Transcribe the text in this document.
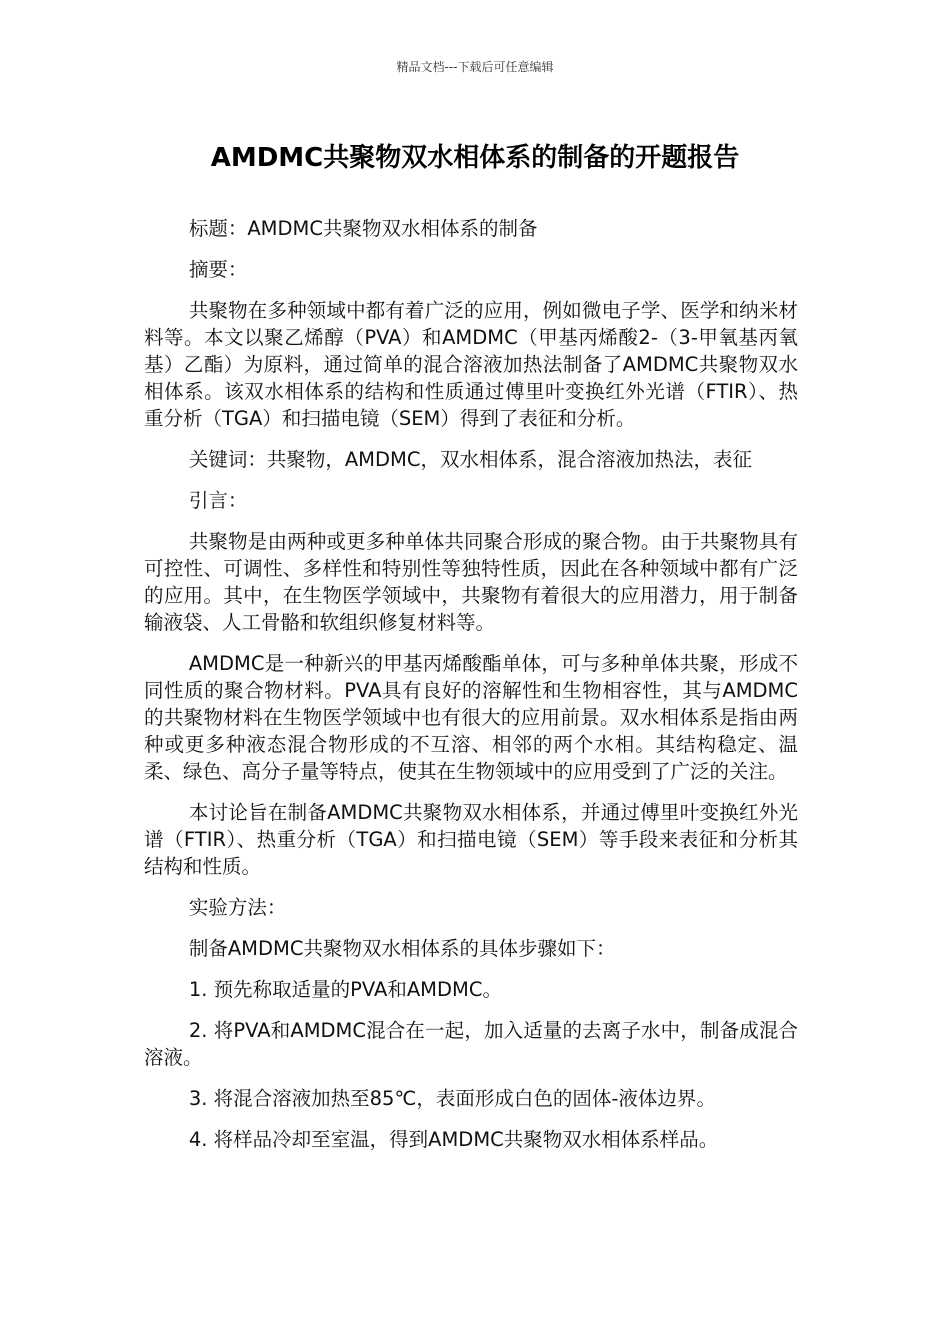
精品文档---下载后可任意编辑
AMDMC共聚物双水相体系的制备的开题报告

标题：AMDMC共聚物双水相体系的制备

摘要：

共聚物在多种领域中都有着广泛的应用，例如微电子学、医学和纳米材料等。本文以聚乙烯醇（PVA）和AMDMC（甲基丙烯酸2-（3-甲氧基丙氧基）乙酯）为原料，通过简单的混合溶液加热法制备了AMDMC共聚物双水相体系。该双水相体系的结构和性质通过傅里叶变换红外光谱（FTIR）、热重分析（TGA）和扫描电镜（SEM）得到了表征和分析。

关键词：共聚物，AMDMC，双水相体系，混合溶液加热法，表征

引言：

共聚物是由两种或更多种单体共同聚合形成的聚合物。由于共聚物具有可控性、可调性、多样性和特别性等独特性质，因此在各种领域中都有广泛的应用。其中，在生物医学领域中，共聚物有着很大的应用潜力，用于制备输液袋、人工骨骼和软组织修复材料等。

AMDMC是一种新兴的甲基丙烯酸酯单体，可与多种单体共聚，形成不同性质的聚合物材料。PVA具有良好的溶解性和生物相容性，其与AMDMC的共聚物材料在生物医学领域中也有很大的应用前景。双水相体系是指由两种或更多种液态混合物形成的不互溶、相邻的两个水相。其结构稳定、温柔、绿色、高分子量等特点，使其在生物领域中的应用受到了广泛的关注。

本讨论旨在制备AMDMC共聚物双水相体系，并通过傅里叶变换红外光谱（FTIR）、热重分析（TGA）和扫描电镜（SEM）等手段来表征和分析其结构和性质。

实验方法：

制备AMDMC共聚物双水相体系的具体步骤如下：

1. 预先称取适量的PVA和AMDMC。

2. 将PVA和AMDMC混合在一起，加入适量的去离子水中，制备成混合溶液。

3. 将混合溶液加热至85℃，表面形成白色的固体-液体边界。

4. 将样品冷却至室温，得到AMDMC共聚物双水相体系样品。
